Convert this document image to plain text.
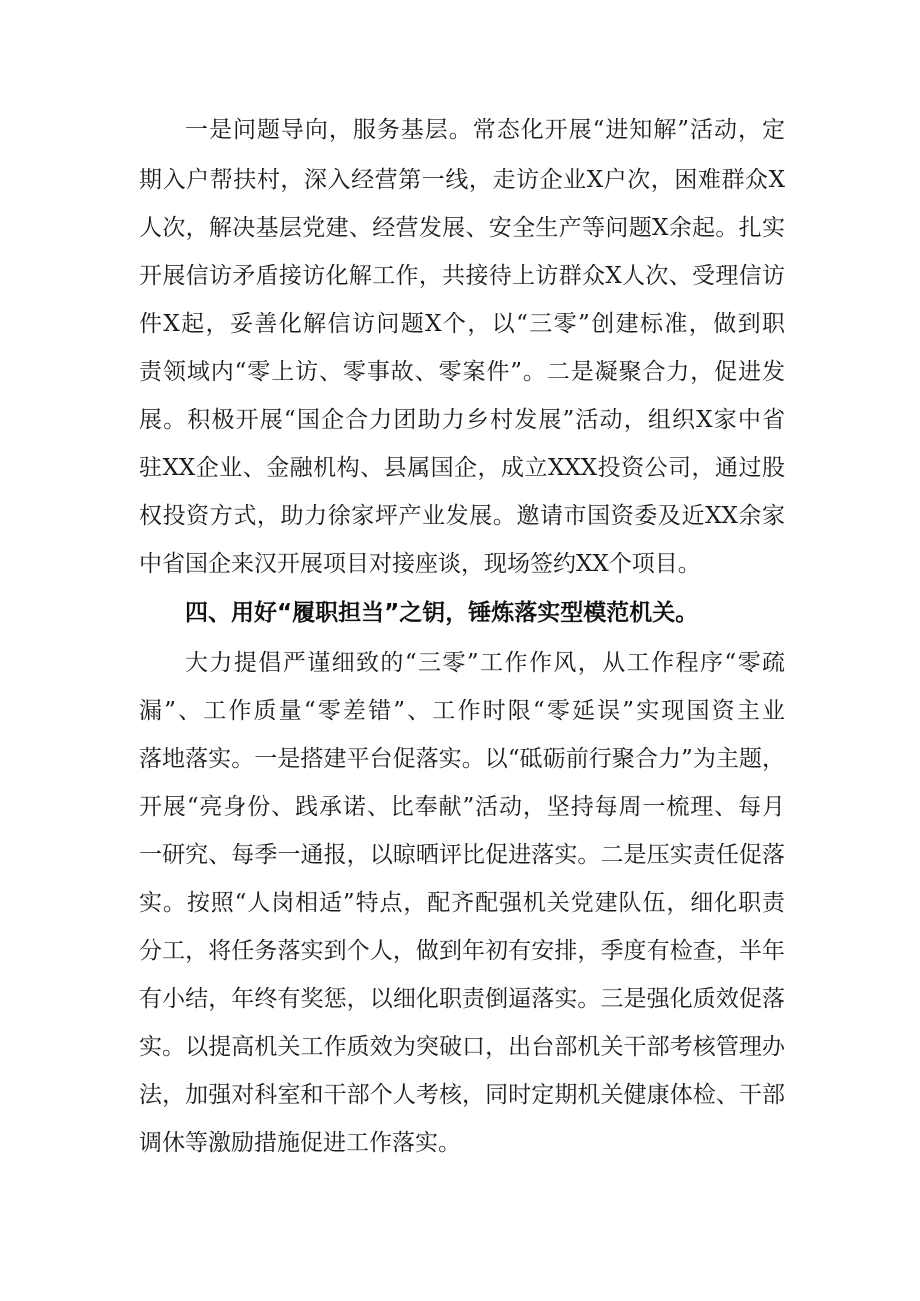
一是问题导向，服务基层。常态化开展“进知解”活动，定
期入户帮扶村，深入经营第一线，走访企业X户次，困难群众X
人次，解决基层党建、经营发展、安全生产等问题X余起。扎实
开展信访矛盾接访化解工作，共接待上访群众X人次、受理信访
件X起，妥善化解信访问题X个，以“三零”创建标准，做到职
责领域内“零上访、零事故、零案件”。二是凝聚合力，促进发
展。积极开展“国企合力团助力乡村发展”活动，组织X家中省
驻XX企业、金融机构、县属国企，成立XXX投资公司，通过股
权投资方式，助力徐家坪产业发展。邀请市国资委及近XX余家
中省国企来汉开展项目对接座谈，现场签约XX个项目。
四、用好“履职担当”之钥，锤炼落实型模范机关。
大力提倡严谨细致的“三零”工作作风，从工作程序“零疏
漏”、工作质量“零差错”、工作时限“零延误”实现国资主业
落地落实。一是搭建平台促落实。以“砥砺前行聚合力”为主题，
开展“亮身份、践承诺、比奉献”活动，坚持每周一梳理、每月
一研究、每季一通报，以晾晒评比促进落实。二是压实责任促落
实。按照“人岗相适”特点，配齐配强机关党建队伍，细化职责
分工，将任务落实到个人，做到年初有安排，季度有检查，半年
有小结，年终有奖惩，以细化职责倒逼落实。三是强化质效促落
实。以提高机关工作质效为突破口，出台部机关干部考核管理办
法，加强对科室和干部个人考核，同时定期机关健康体检、干部
调休等激励措施促进工作落实。
